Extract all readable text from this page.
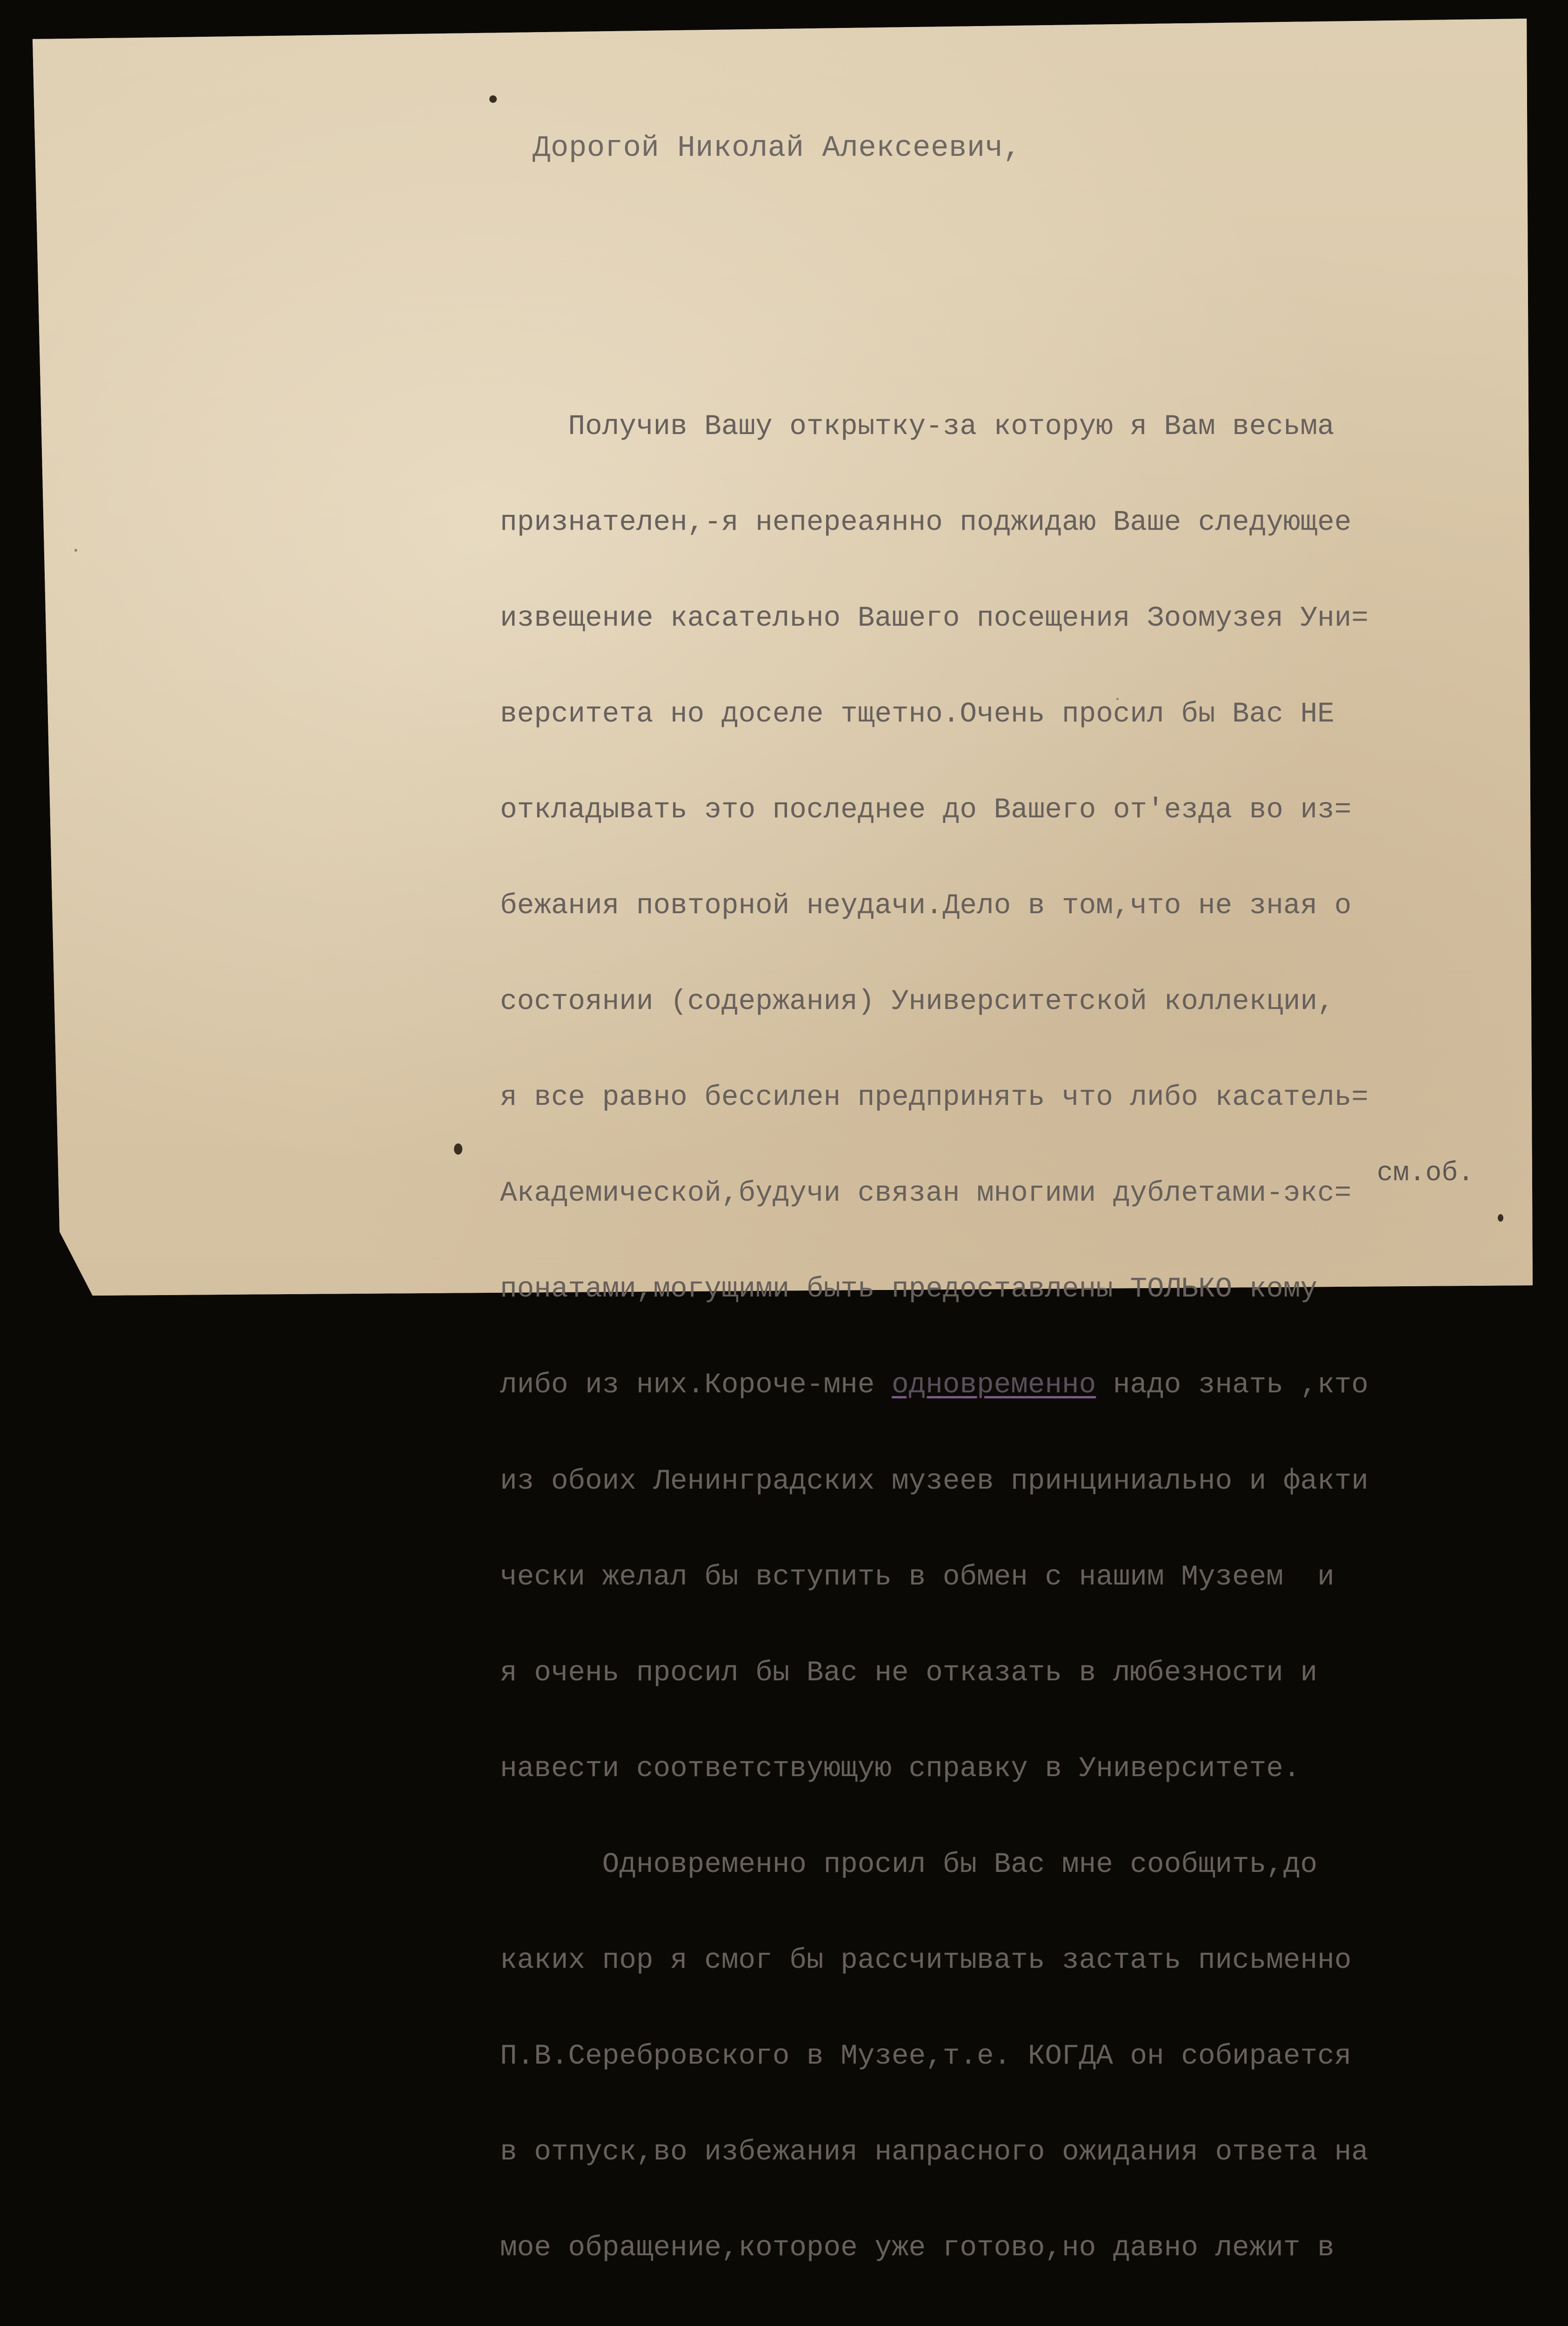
Дорогой Николай Алексеевич,

Получив Вашу открытку-за которую я Вам весьма

признателен,-я непереаянно поджидаю Ваше следующее

извещение касательно Вашего посещения Зоомузея Уни=

верситета но доселе тщетно.Очень просил бы Вас НЕ

откладывать это последнее до Вашего от'езда во из=

бежания повторной неудачи.Дело в том,что не зная о

состоянии (содержания) Университетской коллекции,

я все равно бессилен предпринять что либо касатель=

Академической,будучи связан многими дублетами-экс=

понатами,могущими быть предоставлены ТОЛЬКО кому

либо из них.Короче-мне одновременно надо знать ,кто

из обоих Ленинградских музеев принциниально и факти

чески желал бы вступить в обмен с нашим Музеем  и

я очень просил бы Вас не отказать в любезности и

навести соответствующую справку в Университете.

Одновременно просил бы Вас мне сообщить,до

каких пор я смог бы рассчитывать застать письменно

П.В.Серебровского в Музее,т.е. КОГДА он собирается

в отпуск,во избежания напрасного ожидания ответа на

мое обращение,которое уже готово,но давно лежит в

см.об.
